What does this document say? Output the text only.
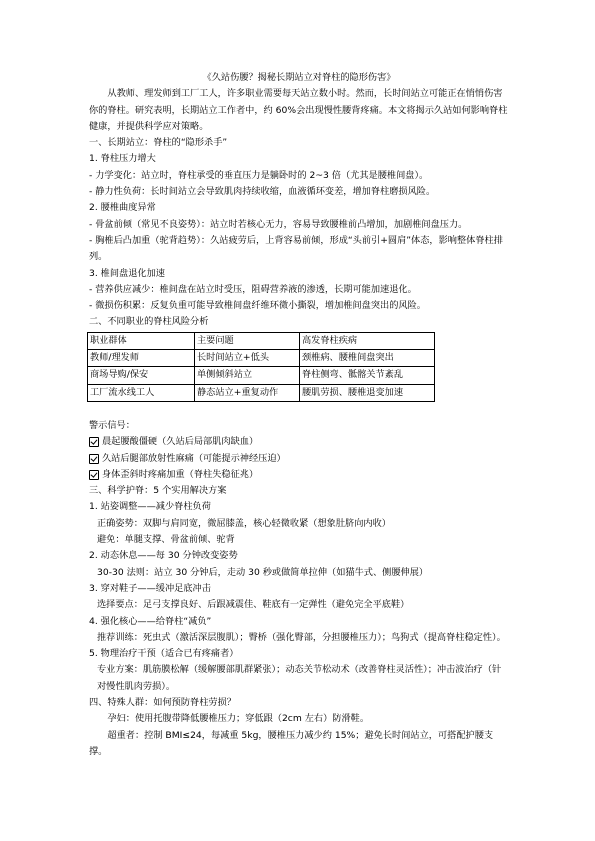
《久站伤腰？揭秘长期站立对脊柱的隐形伤害》

从教师、理发师到工厂工人，许多职业需要每天站立数小时。然而，长时间站立可能正在悄悄伤害你的脊柱。研究表明，长期站立工作者中，约 60%会出现慢性腰背疼痛。本文将揭示久站如何影响脊柱健康，并提供科学应对策略。

一、长期站立：脊柱的“隐形杀手”

1. 脊柱压力增大

- 力学变化：站立时，脊柱承受的垂直压力是躺卧时的 2~3 倍（尤其是腰椎间盘）。

- 静力性负荷：长时间站立会导致肌肉持续收缩，血液循环变差，增加脊柱磨损风险。

2. 腰椎曲度异常

- 骨盆前倾（常见不良姿势）：站立时若核心无力，容易导致腰椎前凸增加，加剧椎间盘压力。

- 胸椎后凸加重（驼背趋势）：久站疲劳后，上背容易前倾，形成“头前引+圆肩”体态，影响整体脊柱排列。

3. 椎间盘退化加速

- 营养供应减少：椎间盘在站立时受压，阻碍营养液的渗透，长期可能加速退化。

- 微损伤积累：反复负重可能导致椎间盘纤维环微小撕裂，增加椎间盘突出的风险。

二、不同职业的脊柱风险分析

职业群体	主要问题	高发脊柱疾病
教师/理发师	长时间站立+低头	颈椎病、腰椎间盘突出
商场导购/保安	单侧倾斜站立	脊柱侧弯、骶髂关节紊乱
工厂流水线工人	静态站立+重复动作	腰肌劳损、腰椎退变加速

警示信号：

晨起腰酸僵硬（久站后局部肌肉缺血）
久站后腿部放射性麻痛（可能提示神经压迫）
身体歪斜时疼痛加重（脊柱失稳征兆）

三、科学护脊：5 个实用解决方案

1. 站姿调整——减少脊柱负荷

正确姿势：双脚与肩同宽，微屈膝盖，核心轻微收紧（想象肚脐向内收）

避免：单腿支撑、骨盆前倾、驼背

2. 动态休息——每 30 分钟改变姿势

30-30 法则：站立 30 分钟后，走动 30 秒或做简单拉伸（如猫牛式、侧腰伸展）

3. 穿对鞋子——缓冲足底冲击

选择要点：足弓支撑良好、后跟减震佳、鞋底有一定弹性（避免完全平底鞋）

4. 强化核心——给脊柱“减负”

推荐训练：死虫式（激活深层腹肌）；臀桥（强化臀部，分担腰椎压力）；鸟狗式（提高脊柱稳定性）。

5. 物理治疗干预（适合已有疼痛者）

专业方案：肌筋膜松解（缓解腰部肌群紧张）；动态关节松动术（改善脊柱灵活性）；冲击波治疗（针对慢性肌肉劳损）。

四、特殊人群：如何预防脊柱劳损？

孕妇：使用托腹带降低腰椎压力；穿低跟（2cm 左右）防滑鞋。

超重者：控制 BMI≤24，每减重 5kg，腰椎压力减少约 15%；避免长时间站立，可搭配护腰支撑。
